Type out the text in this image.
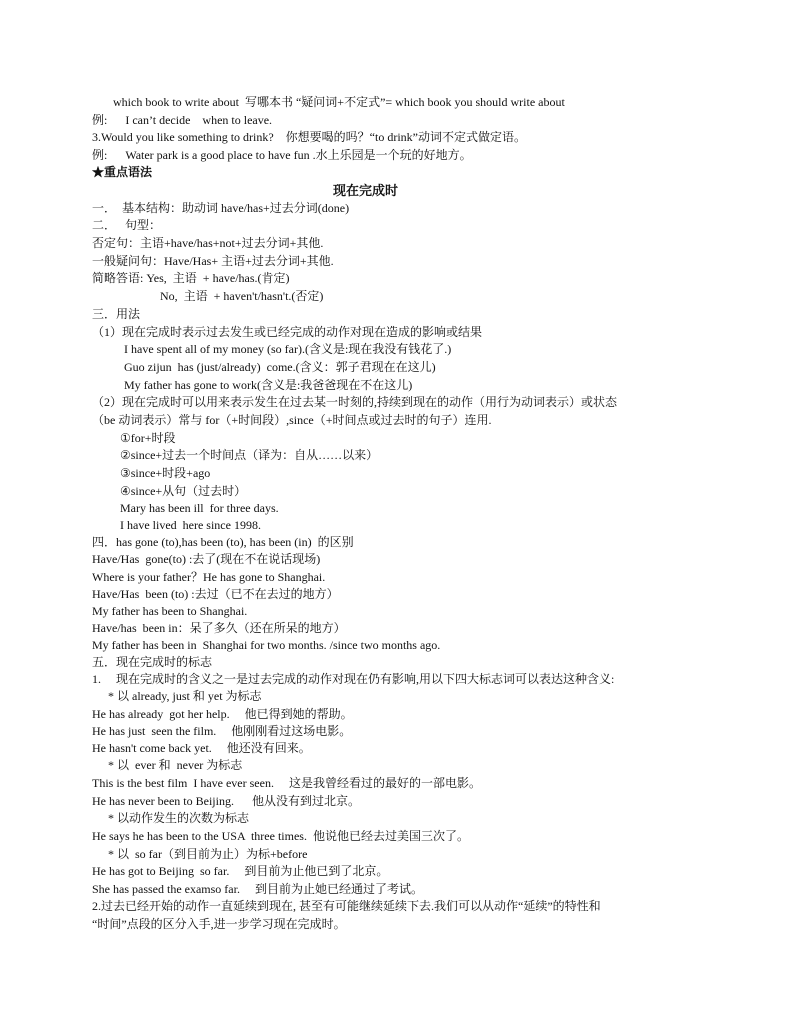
which book to write about  写哪本书 “疑问词+不定式”= which book you should write about
例:      I can’t decide    when to leave.
3.Would you like something to drink?    你想要喝的吗？“to drink”动词不定式做定语。
例:      Water park is a good place to have fun .水上乐园是一个玩的好地方。
★重点语法
现在完成时
一．  基本结构：助动词 have/has+过去分词(done)
二．   句型：
否定句：主语+have/has+not+过去分词+其他.
一般疑问句：Have/Has+ 主语+过去分词+其他.
简略答语: Yes,  主语  + have/has.(肯定)
No,  主语  + haven't/hasn't.(否定)
三．用法
（1）现在完成时表示过去发生或已经完成的动作对现在造成的影响或结果
I have spent all of my money (so far).(含义是:现在我没有钱花了.)
Guo zijun  has (just/already)  come.(含义：郭子君现在在这儿)
My father has gone to work(含义是:我爸爸现在不在这儿)
（2）现在完成时可以用来表示发生在过去某一时刻的,持续到现在的动作（用行为动词表示）或状态
（be 动词表示）常与 for（+时间段）,since（+时间点或过去时的句子）连用.
①for+时段
②since+过去一个时间点（译为：自从……以来）
③since+时段+ago
④since+从句（过去时）
Mary has been ill  for three days.
I have lived  here since 1998.
四．has gone (to),has been (to), has been (in)  的区别
Have/Has  gone(to) :去了(现在不在说话现场)
Where is your father？He has gone to Shanghai.
Have/Has  been (to) :去过（已不在去过的地方）
My father has been to Shanghai.
Have/has  been in：呆了多久（还在所呆的地方）
My father has been in  Shanghai for two months. /since two months ago.
五．现在完成时的标志
1.     现在完成时的含义之一是过去完成的动作对现在仍有影响,用以下四大标志词可以表达这种含义:
* 以 already, just 和 yet 为标志
He has already  got her help.     他已得到她的帮助。
He has just  seen the film.     他刚刚看过这场电影。
He hasn't come back yet.     他还没有回来。
* 以  ever 和  never 为标志
This is the best film  I have ever seen.     这是我曾经看过的最好的一部电影。
He has never been to Beijing.      他从没有到过北京。
* 以动作发生的次数为标志
He says he has been to the USA  three times.  他说他已经去过美国三次了。
* 以  so far（到目前为止）为标+before
He has got to Beijing  so far.     到目前为止他已到了北京。
She has passed the examso far.     到目前为止她已经通过了考试。
2.过去已经开始的动作一直延续到现在, 甚至有可能继续延续下去.我们可以从动作“延续”的特性和
“时间”点段的区分入手,进一步学习现在完成时。
